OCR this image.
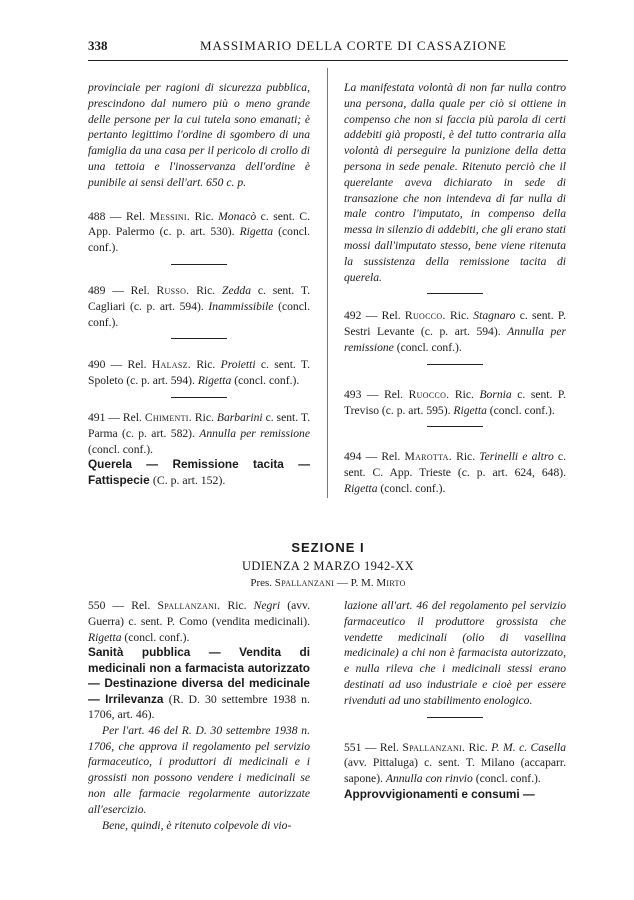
338	MASSIMARIO DELLA CORTE DI CASSAZIONE
provinciale per ragioni di sicurezza pubblica, prescindono dal numero più o meno grande delle persone per la cui tutela sono emanati; è pertanto legittimo l'ordine di sgombero di una famiglia da una casa per il pericolo di crollo di una tettoia e l'inosservanza dell'ordine è punibile ai sensi dell'art. 650 c. p.
488 — Rel. Messini. Ric. Monacò c. sent. C. App. Palermo (c. p. art. 530). Rigetta (concl. conf.).
489 — Rel. Russo. Ric. Zedda c. sent. T. Cagliari (c. p. art. 594). Inammissibile (concl. conf.).
490 — Rel. Halasz. Ric. Proietti c. sent. T. Spoleto (c. p. art. 594). Rigetta (concl. conf.).
491 — Rel. Chimenti. Ric. Barbarini c. sent. T. Parma (c. p. art. 582). Annulla per remissione (concl. conf.).
Querela — Remissione tacita — Fattispecie (C. p. art. 152).
La manifestata volontà di non far nulla contro una persona, dalla quale per ciò si ottiene in compenso che non si faccia più parola di certi addebiti già proposti, è del tutto contraria alla volontà di perseguire la punizione della detta persona in sede penale. Ritenuto perciò che il querelante aveva dichiarato in sede di transazione che non intendeva di far nulla di male contro l'imputato, in compenso della messa in silenzio di addebiti, che gli erano stati mossi dall'imputato stesso, bene viene ritenuta la sussistenza della remissione tacita di querela.
492 — Rel. Ruocco. Ric. Stagnaro c. sent. P. Sestri Levante (c. p. art. 594). Annulla per remissione (concl. conf.).
493 — Rel. Ruocco. Ric. Bornia c. sent. P. Treviso (c. p. art. 595). Rigetta (concl. conf.).
494 — Rel. Marotta. Ric. Terinelli e altro c. sent. C. App. Trieste (c. p. art. 624, 648). Rigetta (concl. conf.).
SEZIONE I
UDIENZA 2 MARZO 1942-XX
Pres. Spallanzani — P. M. Mirto
550 — Rel. Spallanzani. Ric. Negri (avv. Guerra) c. sent. P. Como (vendita medicinali). Rigetta (concl. conf.).
Sanità pubblica — Vendita di medicinali non a farmacista autorizzato — Destinazione diversa del medicinale — Irrilevanza (R. D. 30 settembre 1938 n. 1706, art. 46).
Per l'art. 46 del R. D. 30 settembre 1938 n. 1706, che approva il regolamento pel servizio farmaceutico, i produttori di medicinali e i grossisti non possono vendere i medicinali se non alle farmacie regolarmente autorizzate all'esercizio.
Bene, quindi, è ritenuto colpevole di vio-
lazione all'art. 46 del regolamento pel servizio farmaceutico il produttore grossista che vendette medicinali (olio di vasellina medicinale) a chi non è farmacista autorizzato, e nulla rileva che i medicinali stessi erano destinati ad uso industriale e cioè per essere rivenduti ad uno stabilimento enologico.
551 — Rel. Spallanzani. Ric. P. M. c. Casella (avv. Pittaluga) c. sent. T. Milano (accaparr. sapone). Annulla con rinvio (concl. conf.).
Approvvigionamenti e consumi —
